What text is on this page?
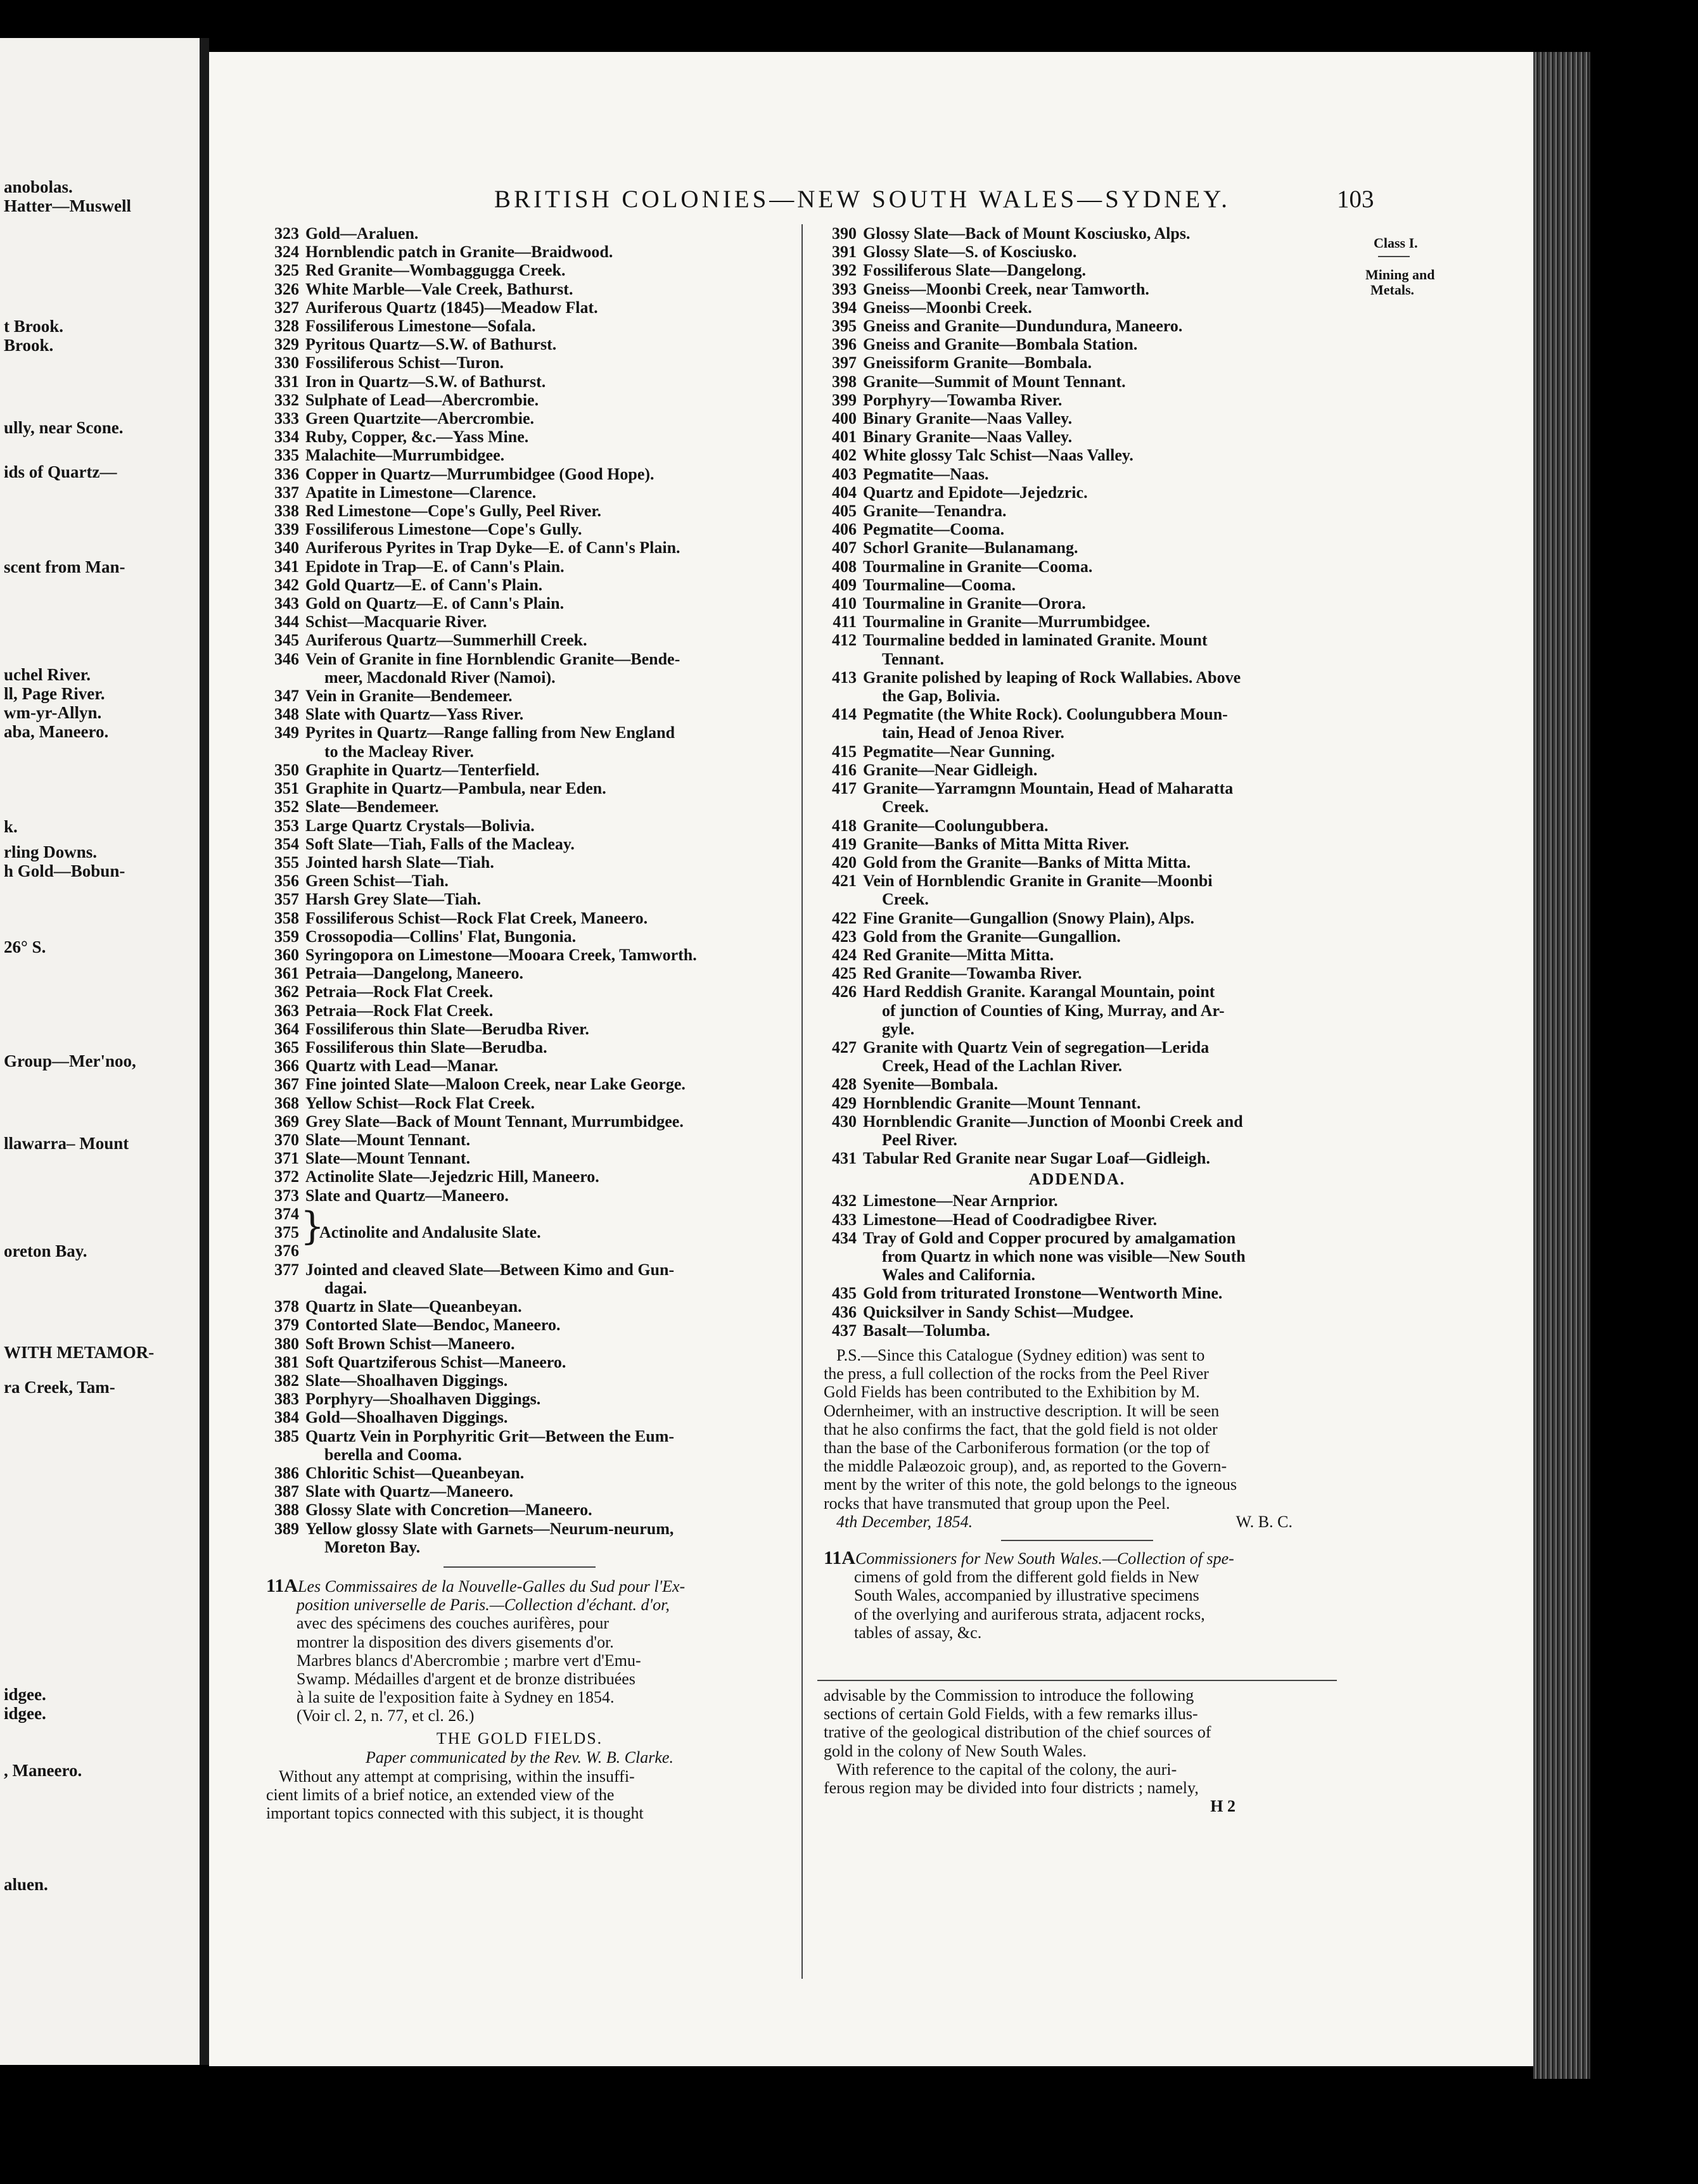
anobolas.
Hatter—Muswell
t Brook.
Brook.
ully, near Scone.
ids of Quartz—
scent from Man-
uchel River.
ll, Page River.
wm-yr-Allyn.
aba, Maneero.
k.
rling Downs.
h Gold—Bobun-
26° S.
Group—Mer'noo,
llawarra– Mount
oreton Bay.
WITH METAMOR-
ra Creek, Tam-
idgee.
idgee.
, Maneero.
aluen.
BRITISH COLONIES—NEW SOUTH WALES—SYDNEY.	103
Class I.
Mining and
Metals.
323 Gold—Araluen.
324 Hornblendic patch in Granite—Braidwood.
325 Red Granite—Wombaggugga Creek.
326 White Marble—Vale Creek, Bathurst.
327 Auriferous Quartz (1845)—Meadow Flat.
328 Fossiliferous Limestone—Sofala.
329 Pyritous Quartz—S.W. of Bathurst.
330 Fossiliferous Schist—Turon.
331 Iron in Quartz—S.W. of Bathurst.
332 Sulphate of Lead—Abercrombie.
333 Green Quartzite—Abercrombie.
334 Ruby, Copper, &c.—Yass Mine.
335 Malachite—Murrumbidgee.
336 Copper in Quartz—Murrumbidgee (Good Hope).
337 Apatite in Limestone—Clarence.
338 Red Limestone—Cope's Gully, Peel River.
339 Fossiliferous Limestone—Cope's Gully.
340 Auriferous Pyrites in Trap Dyke—E. of Cann's Plain.
341 Epidote in Trap—E. of Cann's Plain.
342 Gold Quartz—E. of Cann's Plain.
343 Gold on Quartz—E. of Cann's Plain.
344 Schist—Macquarie River.
345 Auriferous Quartz—Summerhill Creek.
346 Vein of Granite in fine Hornblendic Granite—Bende-
meer, Macdonald River (Namoi).
347 Vein in Granite—Bendemeer.
348 Slate with Quartz—Yass River.
349 Pyrites in Quartz—Range falling from New England
to the Macleay River.
350 Graphite in Quartz—Tenterfield.
351 Graphite in Quartz—Pambula, near Eden.
352 Slate—Bendemeer.
353 Large Quartz Crystals—Bolivia.
354 Soft Slate—Tiah, Falls of the Macleay.
355 Jointed harsh Slate—Tiah.
356 Green Schist—Tiah.
357 Harsh Grey Slate—Tiah.
358 Fossiliferous Schist—Rock Flat Creek, Maneero.
359 Crossopodia—Collins' Flat, Bungonia.
360 Syringopora on Limestone—Mooara Creek, Tamworth.
361 Petraia—Dangelong, Maneero.
362 Petraia—Rock Flat Creek.
363 Petraia—Rock Flat Creek.
364 Fossiliferous thin Slate—Berudba River.
365 Fossiliferous thin Slate—Berudba.
366 Quartz with Lead—Manar.
367 Fine jointed Slate—Maloon Creek, near Lake George.
368 Yellow Schist—Rock Flat Creek.
369 Grey Slate—Back of Mount Tennant, Murrumbidgee.
370 Slate—Mount Tennant.
371 Slate—Mount Tennant.
372 Actinolite Slate—Jejedzric Hill, Maneero.
373 Slate and Quartz—Maneero.
374
375
376
}
Actinolite and Andalusite Slate.
377 Jointed and cleaved Slate—Between Kimo and Gun-
dagai.
378 Quartz in Slate—Queanbeyan.
379 Contorted Slate—Bendoc, Maneero.
380 Soft Brown Schist—Maneero.
381 Soft Quartziferous Schist—Maneero.
382 Slate—Shoalhaven Diggings.
383 Porphyry—Shoalhaven Diggings.
384 Gold—Shoalhaven Diggings.
385 Quartz Vein in Porphyritic Grit—Between the Eum-
berella and Cooma.
386 Chloritic Schist—Queanbeyan.
387 Slate with Quartz—Maneero.
388 Glossy Slate with Concretion—Maneero.
389 Yellow glossy Slate with Garnets—Neurum-neurum,
Moreton Bay.
11ALes Commissaires de la Nouvelle-Galles du Sud pour l'Ex-
position universelle de Paris.—Collection d'échant. d'or,
avec des spécimens des couches aurifères, pour
montrer la disposition des divers gisements d'or.
Marbres blancs d'Abercrombie ; marbre vert d'Emu-
Swamp. Médailles d'argent et de bronze distribuées
à la suite de l'exposition faite à Sydney en 1854.
(Voir cl. 2, n. 77, et cl. 26.)
THE GOLD FIELDS.
Paper communicated by the Rev. W. B. Clarke.
Without any attempt at comprising, within the insuffi-
cient limits of a brief notice, an extended view of the
important topics connected with this subject, it is thought
390 Glossy Slate—Back of Mount Kosciusko, Alps.
391 Glossy Slate—S. of Kosciusko.
392 Fossiliferous Slate—Dangelong.
393 Gneiss—Moonbi Creek, near Tamworth.
394 Gneiss—Moonbi Creek.
395 Gneiss and Granite—Dundundura, Maneero.
396 Gneiss and Granite—Bombala Station.
397 Gneissiform Granite—Bombala.
398 Granite—Summit of Mount Tennant.
399 Porphyry—Towamba River.
400 Binary Granite—Naas Valley.
401 Binary Granite—Naas Valley.
402 White glossy Talc Schist—Naas Valley.
403 Pegmatite—Naas.
404 Quartz and Epidote—Jejedzric.
405 Granite—Tenandra.
406 Pegmatite—Cooma.
407 Schorl Granite—Bulanamang.
408 Tourmaline in Granite—Cooma.
409 Tourmaline—Cooma.
410 Tourmaline in Granite—Orora.
411 Tourmaline in Granite—Murrumbidgee.
412 Tourmaline bedded in laminated Granite. Mount
Tennant.
413 Granite polished by leaping of Rock Wallabies. Above
the Gap, Bolivia.
414 Pegmatite (the White Rock). Coolungubbera Moun-
tain, Head of Jenoa River.
415 Pegmatite—Near Gunning.
416 Granite—Near Gidleigh.
417 Granite—Yarramgnn Mountain, Head of Maharatta
Creek.
418 Granite—Coolungubbera.
419 Granite—Banks of Mitta Mitta River.
420 Gold from the Granite—Banks of Mitta Mitta.
421 Vein of Hornblendic Granite in Granite—Moonbi
Creek.
422 Fine Granite—Gungallion (Snowy Plain), Alps.
423 Gold from the Granite—Gungallion.
424 Red Granite—Mitta Mitta.
425 Red Granite—Towamba River.
426 Hard Reddish Granite. Karangal Mountain, point
of junction of Counties of King, Murray, and Ar-
gyle.
427 Granite with Quartz Vein of segregation—Lerida
Creek, Head of the Lachlan River.
428 Syenite—Bombala.
429 Hornblendic Granite—Mount Tennant.
430 Hornblendic Granite—Junction of Moonbi Creek and
Peel River.
431 Tabular Red Granite near Sugar Loaf—Gidleigh.
ADDENDA.
432 Limestone—Near Arnprior.
433 Limestone—Head of Coodradigbee River.
434 Tray of Gold and Copper procured by amalgamation
from Quartz in which none was visible—New South
Wales and California.
435 Gold from triturated Ironstone—Wentworth Mine.
436 Quicksilver in Sandy Schist—Mudgee.
437 Basalt—Tolumba.
P.S.—Since this Catalogue (Sydney edition) was sent to
the press, a full collection of the rocks from the Peel River
Gold Fields has been contributed to the Exhibition by M.
Odernheimer, with an instructive description. It will be seen
that he also confirms the fact, that the gold field is not older
than the base of the Carboniferous formation (or the top of
the middle Palæozoic group), and, as reported to the Govern-
ment by the writer of this note, the gold belongs to the igneous
rocks that have transmuted that group upon the Peel.
4th December, 1854.	W. B. C.
11ACommissioners for New South Wales.—Collection of spe-
cimens of gold from the different gold fields in New
South Wales, accompanied by illustrative specimens
of the overlying and auriferous strata, adjacent rocks,
tables of assay, &c.
advisable by the Commission to introduce the following
sections of certain Gold Fields, with a few remarks illus-
trative of the geological distribution of the chief sources of
gold in the colony of New South Wales.
With reference to the capital of the colony, the auri-
ferous region may be divided into four districts ; namely,
H 2
